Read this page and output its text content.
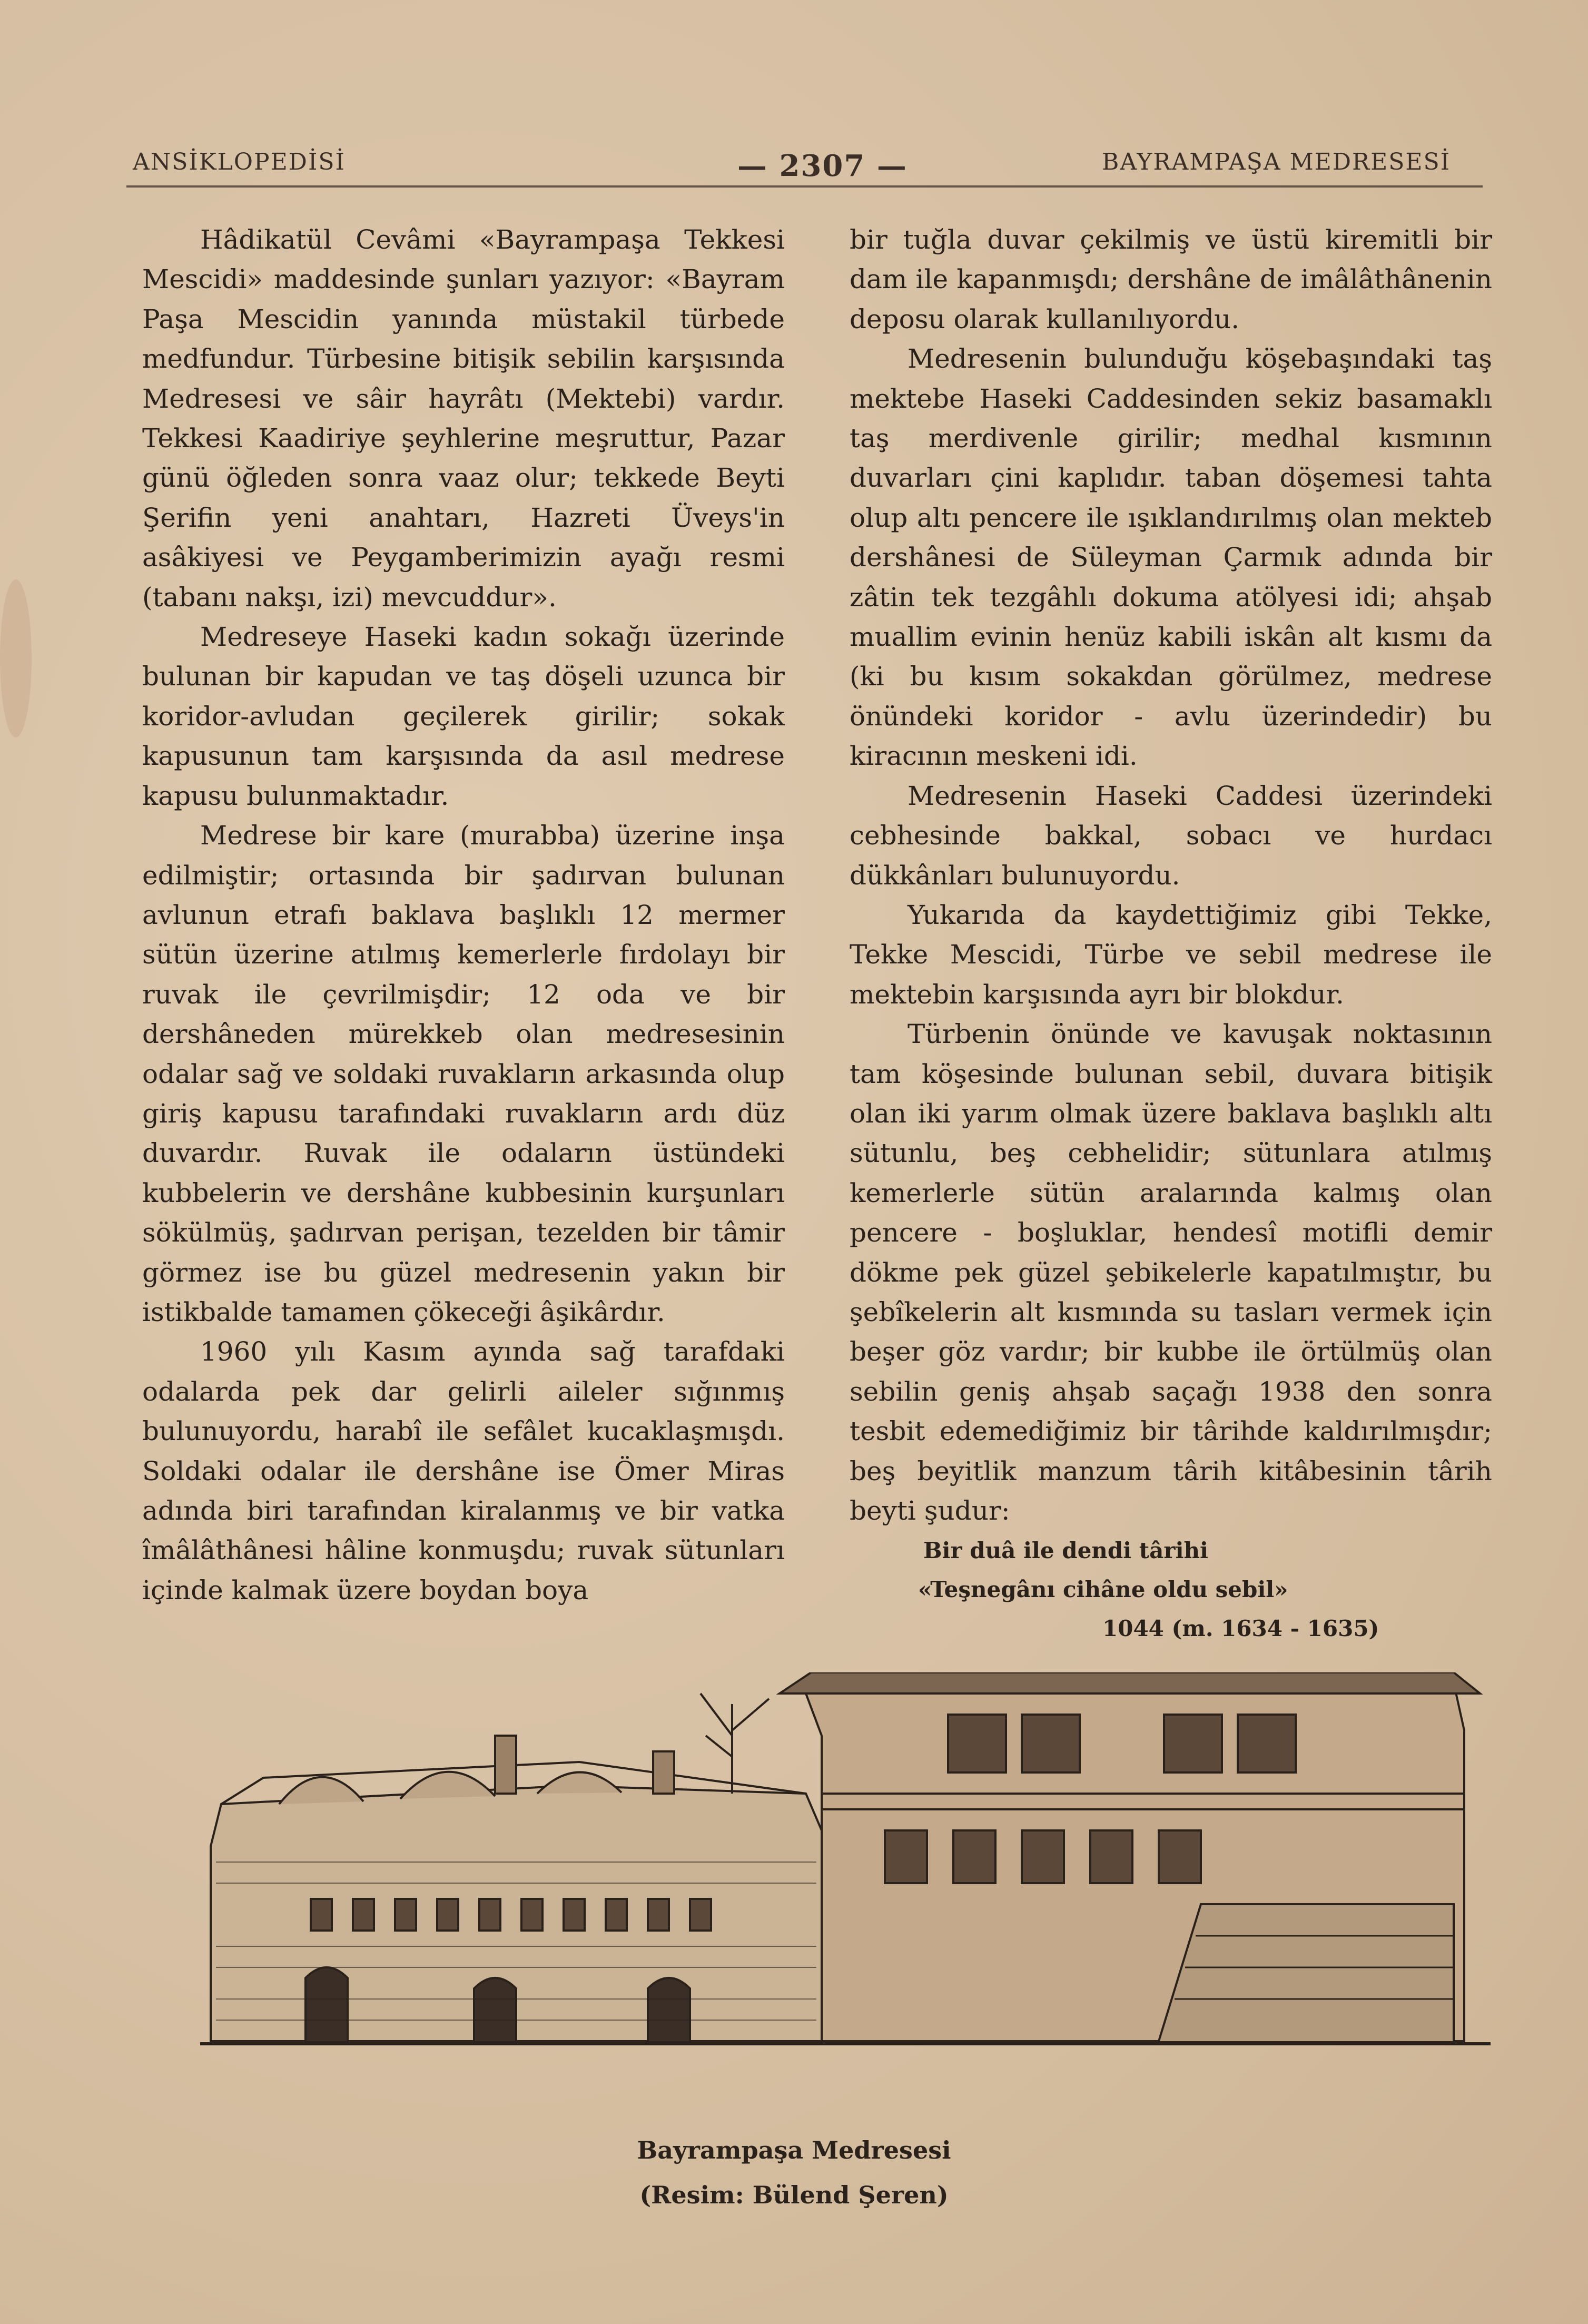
ANSİKLOPEDİSİ	— 2307 —	BAYRAMPAŞA MEDRESESİ

Hâdikatül Cevâmi «Bayrampaşa Tekkesi Mescidi» maddesinde şunları yazıyor: «Bayram Paşa Mescidin yanında müstakil türbede medfundur. Türbesine bitişik sebilin karşısında Medresesi ve sâir hayrâtı (Mektebi) vardır. Tekkesi Kaadiriye şeyhlerine meşruttur, Pazar günü öğleden sonra vaaz olur; tekkede Beyti Şerifin yeni anahtarı, Hazreti Üveys'in asâkiyesi ve Peygamberimizin ayağı resmi (tabanı nakşı, izi) mevcuddur».

Medreseye Haseki kadın sokağı üzerinde bulunan bir kapudan ve taş döşeli uzunca bir koridor-avludan geçilerek girilir; sokak kapusunun tam karşısında da asıl medrese kapusu bulunmaktadır.

Medrese bir kare (murabba) üzerine inşa edilmiştir; ortasında bir şadırvan bulunan avlunun etrafı baklava başlıklı 12 mermer sütün üzerine atılmış kemerlerle fırdolayı bir ruvak ile çevrilmişdir; 12 oda ve bir dershâneden mürekkeb olan medresesinin odalar sağ ve soldaki ruvakların arkasında olup giriş kapusu tarafındaki ruvakların ardı düz duvardır. Ruvak ile odaların üstündeki kubbelerin ve dershâne kubbesinin kurşunları sökülmüş, şadırvan perişan, tezelden bir tâmir görmez ise bu güzel medresenin yakın bir istikbalde tamamen çökeceği âşikârdır.

1960 yılı Kasım ayında sağ tarafdaki odalarda pek dar gelirli aileler sığınmış bulunuyordu, harabî ile sefâlet kucaklaşmışdı. Soldaki odalar ile dershâne ise Ömer Miras adında biri tarafından kiralanmış ve bir vatka îmâlâthânesi hâline konmuşdu; ruvak sütunları içinde kalmak üzere boydan boya

bir tuğla duvar çekilmiş ve üstü kiremitli bir dam ile kapanmışdı; dershâne de imâlâthânenin deposu olarak kullanılıyordu.

Medresenin bulunduğu köşebaşındaki taş mektebe Haseki Caddesinden sekiz basamaklı taş merdivenle girilir; medhal kısmının duvarları çini kaplıdır. taban döşemesi tahta olup altı pencere ile ışıklandırılmış olan mekteb dershânesi de Süleyman Çarmık adında bir zâtin tek tezgâhlı dokuma atölyesi idi; ahşab muallim evinin henüz kabili iskân alt kısmı da (ki bu kısım sokakdan görülmez, medrese önündeki koridor - avlu üzerindedir) bu kiracının meskeni idi.

Medresenin Haseki Caddesi üzerindeki cebhesinde bakkal, sobacı ve hurdacı dükkânları bulunuyordu.

Yukarıda da kaydettiğimiz gibi Tekke, Tekke Mescidi, Türbe ve sebil medrese ile mektebin karşısında ayrı bir blokdur.

Türbenin önünde ve kavuşak noktasının tam köşesinde bulunan sebil, duvara bitişik olan iki yarım olmak üzere baklava başlıklı altı sütunlu, beş cebhelidir; sütunlara atılmış kemerlerle sütün aralarında kalmış olan pencere - boşluklar, hendesî motifli demir dökme pek güzel şebikelerle kapatılmıştır, bu şebîkelerin alt kısmında su tasları vermek için beşer göz vardır; bir kubbe ile örtülmüş olan sebilin geniş ahşab saçağı 1938 den sonra tesbit edemediğimiz bir târihde kaldırılmışdır; beş beyitlik manzum târih kitâbesinin târih beyti şudur:

Bir duâ ile dendi târihi
«Teşnegânı cihâne oldu sebil»
1044 (m. 1634 - 1635)
Bayrampaşa Medresesi
(Resim: Bülend Şeren)
